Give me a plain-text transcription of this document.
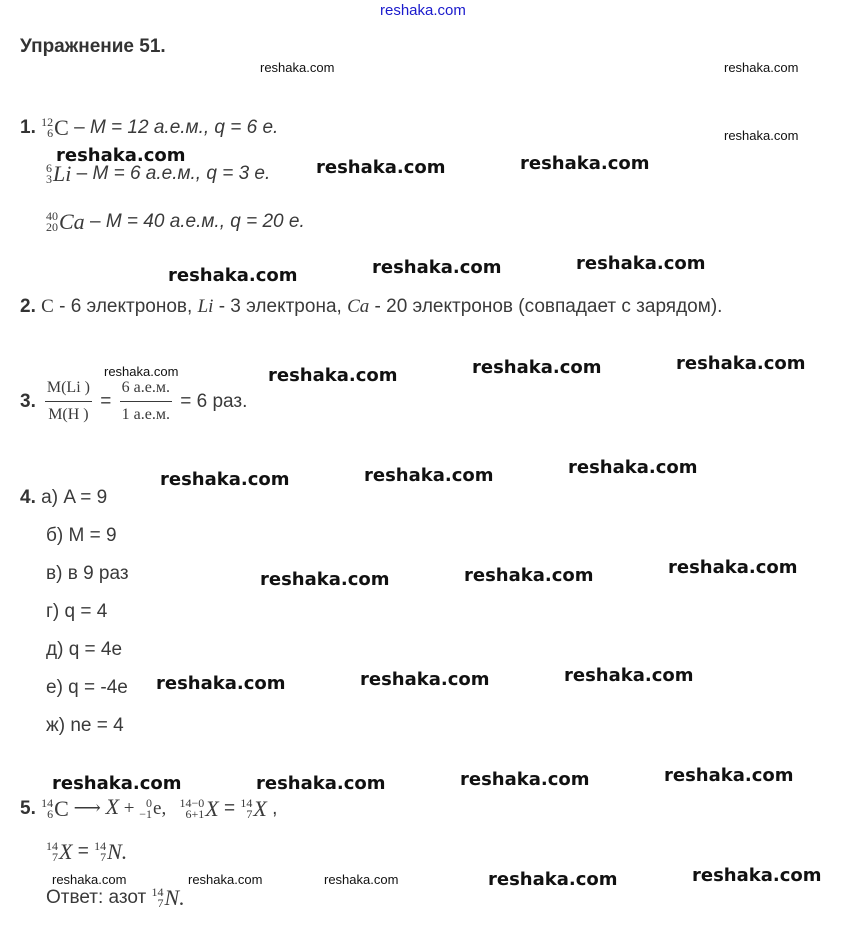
reshaka.com
Упражнение 51.
1. 12
6 C – M = 12 а.е.м., q = 6 e.
6
3 Li – M = 6 а.е.м., q = 3 e.
40
20 Ca – M = 40 а.е.м., q = 20 e.
2. C - 6 электронов, Li - 3 электрона, Ca - 20 электронов (совпадает с зарядом).
3. $\frac{M(Li )}{M(H )} = \frac{6 а.е.м.}{1 а.е.м.} = 6$ раз.
4. а) A = 9
б) M = 9
в) в 9 раз
г) q = 4
д) q = 4e
е) q = -4e
ж) ne = 4
5. 14
6 C ⟶ X + 0
−1 e,
14−0
6+1 X = 14
7 X ,
14
7 X = 14
7 N.
Ответ: азот 14
7 N.
reshaka.com	reshaka.com
reshaka.com
reshaka.com
reshaka.com	reshaka.com
reshaka.com	reshaka.com	reshaka.com
reshaka.com	reshaka.com	reshaka.com	reshaka.com
reshaka.com	reshaka.com	reshaka.com
reshaka.com	reshaka.com	reshaka.com
reshaka.com	reshaka.com	reshaka.com
reshaka.com	reshaka.com	reshaka.com	reshaka.com
reshaka.com	reshaka.com	reshaka.com	reshaka.com	reshaka.com
